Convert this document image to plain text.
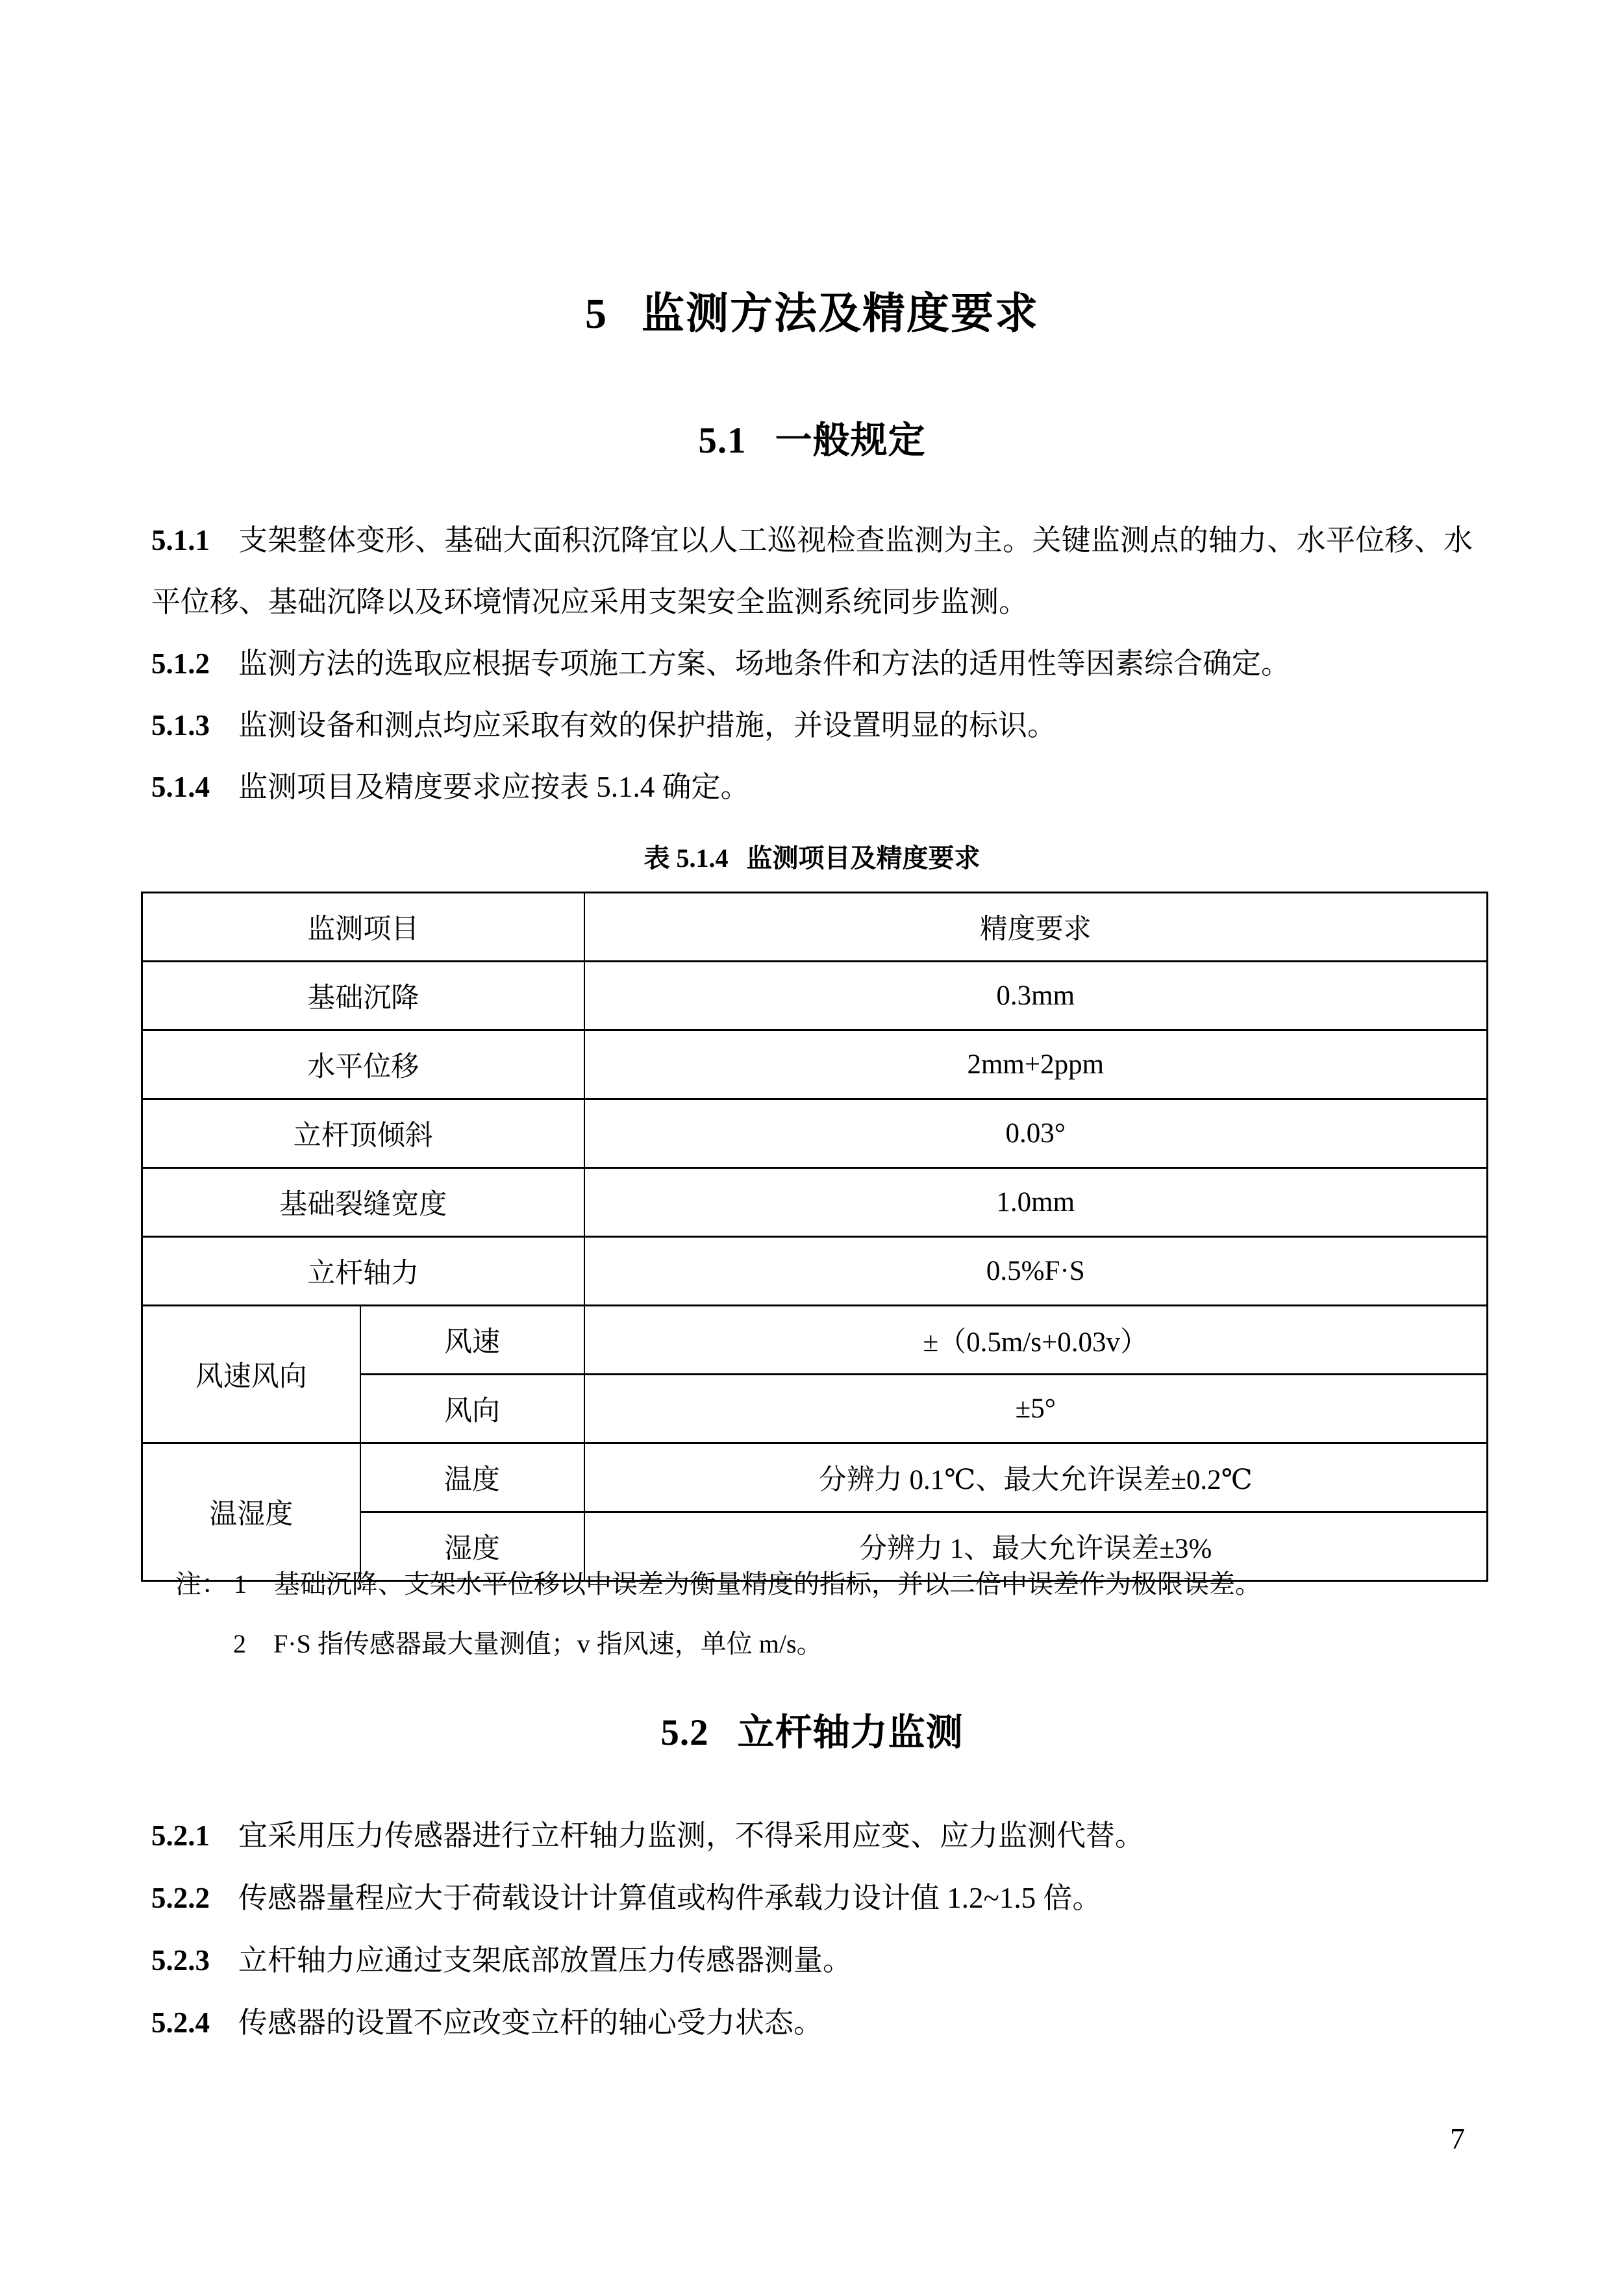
5 监测方法及精度要求
5.1 一般规定
5.1.1 支架整体变形、基础大面积沉降宜以人工巡视检查监测为主。关键监测点的轴力、水平位移、水平位移、基础沉降以及环境情况应采用支架安全监测系统同步监测。
5.1.2 监测方法的选取应根据专项施工方案、场地条件和方法的适用性等因素综合确定。
5.1.3 监测设备和测点均应采取有效的保护措施，并设置明显的标识。
5.1.4 监测项目及精度要求应按表 5.1.4 确定。
表 5.1.4 监测项目及精度要求
监测项目		精度要求
基础沉降		0.3mm
水平位移		2mm+2ppm
立杆顶倾斜		0.03°
基础裂缝宽度		1.0mm
立杆轴力		0.5%F·S
风速风向	风速	±（0.5m/s+0.03v）
	风向	±5°
温湿度	温度	分辨力 0.1℃、最大允许误差±0.2℃
	湿度	分辨力 1、最大允许误差±3%
注： 1 基础沉降、支架水平位移以中误差为衡量精度的指标，并以二倍中误差作为极限误差。
2 F·S 指传感器最大量测值；v 指风速，单位 m/s。
5.2 立杆轴力监测
5.2.1 宜采用压力传感器进行立杆轴力监测，不得采用应变、应力监测代替。
5.2.2 传感器量程应大于荷载设计计算值或构件承载力设计值 1.2~1.5 倍。
5.2.3 立杆轴力应通过支架底部放置压力传感器测量。
5.2.4 传感器的设置不应改变立杆的轴心受力状态。
7
